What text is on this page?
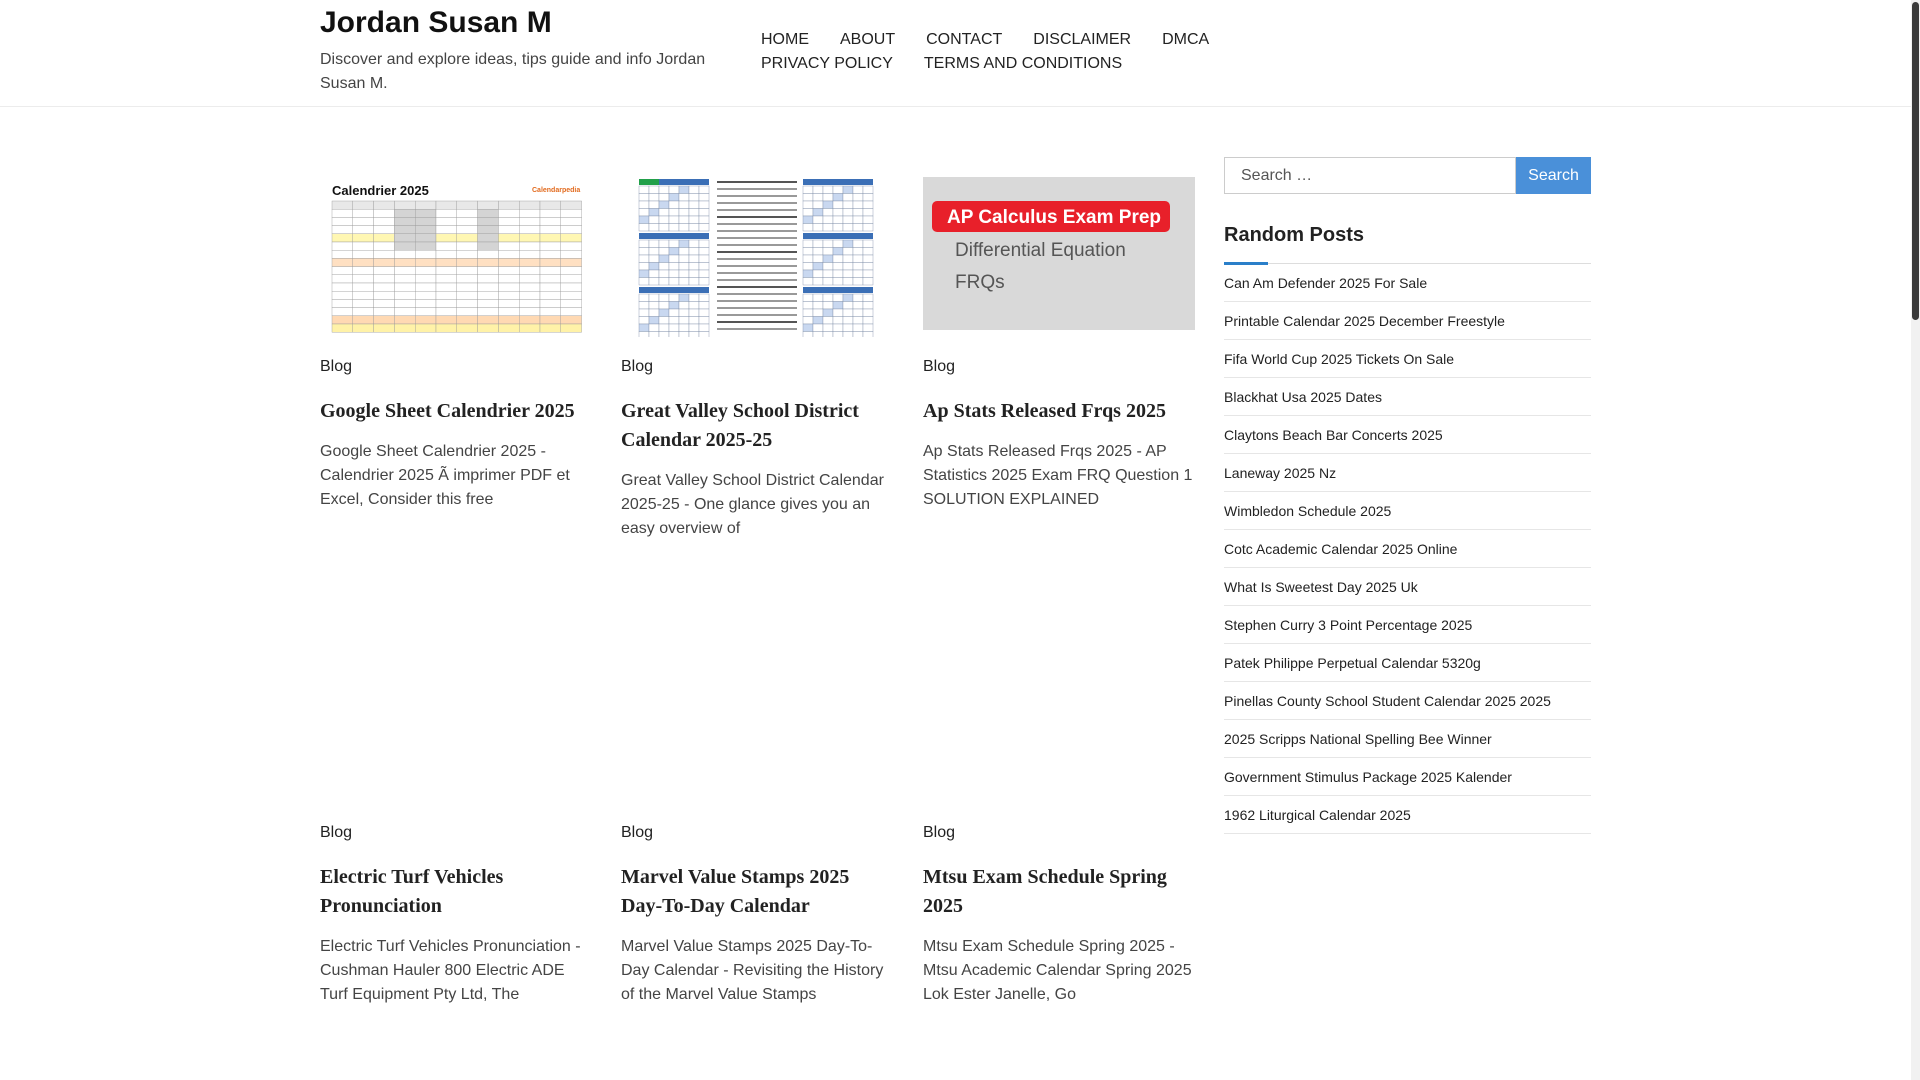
Jordan Susan M

Discover and explore ideas, tips guide and info Jordan Susan M.

HOME ABOUT CONTACT DISCLAIMER DMCA
PRIVACY POLICY TERMS AND CONDITIONS
Calendrier 2025	Calendarpedia
Blog
Google Sheet Calendrier 2025

Google Sheet Calendrier 2025 - Calendrier 2025 Ã imprimer PDF et Excel, Consider this free

Blog
Great Valley School District Calendar 2025-25

Great Valley School District Calendar 2025-25 - One glance gives you an easy overview of

AP Calculus Exam Prep
Differential Equation
FRQs
Blog
Ap Stats Released Frqs 2025

Ap Stats Released Frqs 2025 - AP Statistics 2025 Exam FRQ Question 1 SOLUTION EXPLAINED

Blog
Electric Turf Vehicles Pronunciation

Electric Turf Vehicles Pronunciation - Cushman Hauler 800 Electric ADE Turf Equipment Pty Ltd, The

Blog
Marvel Value Stamps 2025 Day-To-Day Calendar

Marvel Value Stamps 2025 Day-To-Day Calendar - Revisiting the History of the Marvel Value Stamps

Blog
Mtsu Exam Schedule Spring 2025

Mtsu Exam Schedule Spring 2025 - Mtsu Academic Calendar Spring 2025 Lok Ester Janelle, Go

Search …
Search
Random Posts
Can Am Defender 2025 For Sale
Printable Calendar 2025 December Freestyle
Fifa World Cup 2025 Tickets On Sale
Blackhat Usa 2025 Dates
Claytons Beach Bar Concerts 2025
Laneway 2025 Nz
Wimbledon Schedule 2025
Cotc Academic Calendar 2025 Online
What Is Sweetest Day 2025 Uk
Stephen Curry 3 Point Percentage 2025
Patek Philippe Perpetual Calendar 5320g
Pinellas County School Student Calendar 2025 2025
2025 Scripps National Spelling Bee Winner
Government Stimulus Package 2025 Kalender
1962 Liturgical Calendar 2025
